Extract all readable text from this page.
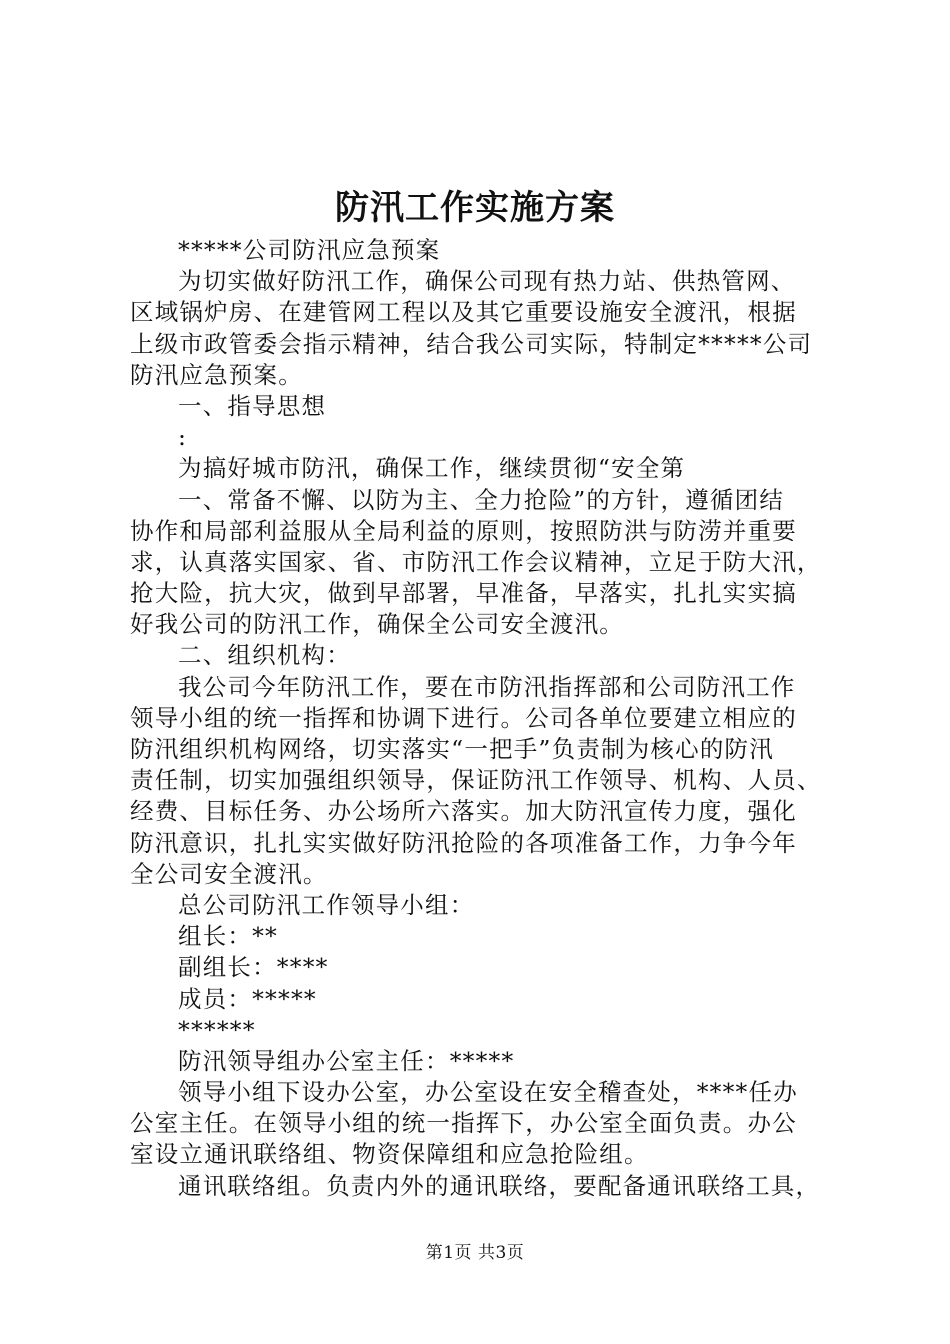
防汛工作实施方案
*****公司防汛应急预案
为切实做好防汛工作，确保公司现有热力站、供热管网、
区域锅炉房、在建管网工程以及其它重要设施安全渡汛，根据
上级市政管委会指示精神，结合我公司实际，特制定*****公司
防汛应急预案。
一、指导思想
:
为搞好城市防汛，确保工作，继续贯彻“安全第
一、常备不懈、以防为主、全力抢险”的方针，遵循团结
协作和局部利益服从全局利益的原则，按照防洪与防涝并重要
求，认真落实国家、省、市防汛工作会议精神，立足于防大汛，
抢大险，抗大灾，做到早部署，早准备，早落实，扎扎实实搞
好我公司的防汛工作，确保全公司安全渡汛。
二、组织机构：
我公司今年防汛工作，要在市防汛指挥部和公司防汛工作
领导小组的统一指挥和协调下进行。公司各单位要建立相应的
防汛组织机构网络，切实落实“一把手”负责制为核心的防汛
责任制，切实加强组织领导，保证防汛工作领导、机构、人员、
经费、目标任务、办公场所六落实。加大防汛宣传力度，强化
防汛意识，扎扎实实做好防汛抢险的各项准备工作，力争今年
全公司安全渡汛。
总公司防汛工作领导小组：
组长：**
副组长：****
成员：*****
******
防汛领导组办公室主任：*****
领导小组下设办公室，办公室设在安全稽查处，****任办
公室主任。在领导小组的统一指挥下，办公室全面负责。办公
室设立通讯联络组、物资保障组和应急抢险组。
通讯联络组。负责内外的通讯联络，要配备通讯联络工具，
第1页 共3页
